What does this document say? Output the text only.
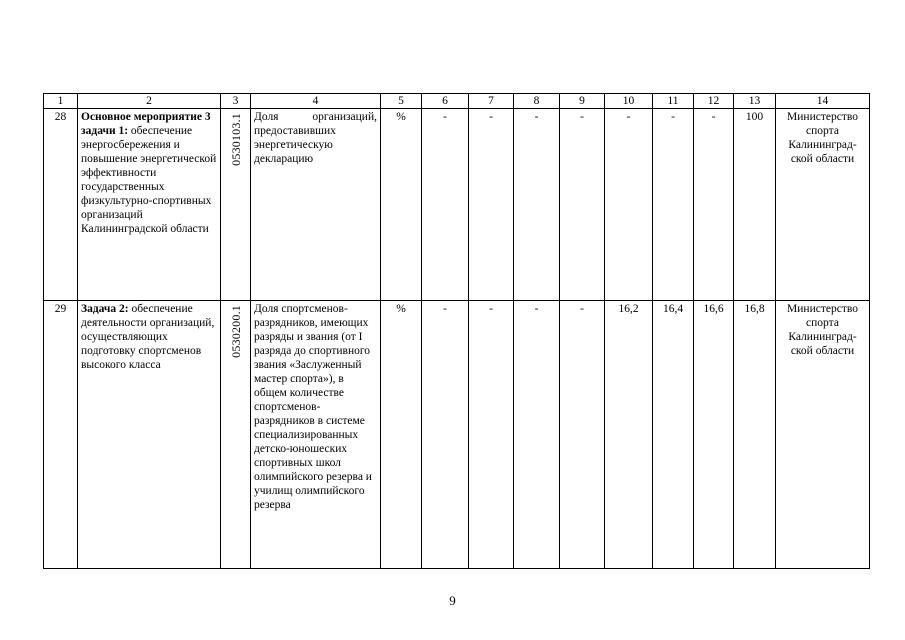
1	2	3	4	5	6	7	8	9	10	11	12	13	14
28	Основное мероприятие 3 задачи 1: обеспечение энергосбережения и повышение энергетической эффективности государственных физкультурно-спортивных организаций Калининградской области	0530103.1	Доля организаций, предоставивших энергетическую декларацию	%	-	-	-	-	-	-	-	100	Министерство спорта Калининград-ской области
29	Задача 2: обеспечение деятельности организаций, осуществляющих подготовку спортсменов высокого класса	0530200.1	Доля спортсменов-разрядников, имеющих разряды и звания (от I разряда до спортивного звания «Заслуженный мастер спорта»), в общем количестве спортсменов-разрядников в системе специализированных детско-юношеских спортивных школ олимпийского резерва и училищ олимпийского резерва	%	-	-	-	-	16,2	16,4	16,6	16,8	Министерство спорта Калининград-ской области
9
